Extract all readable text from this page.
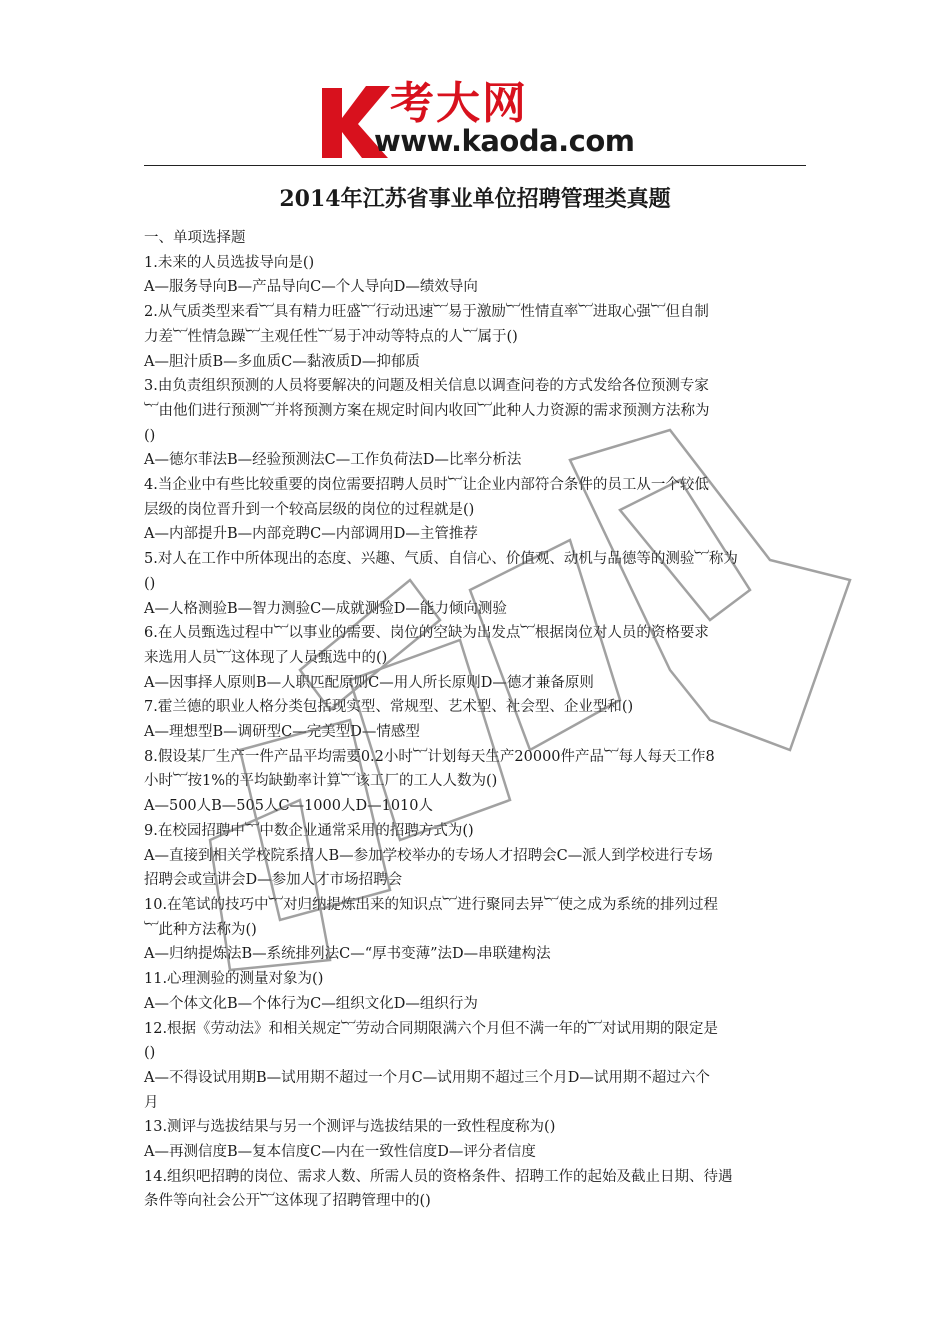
考大网
www.kaoda.com
2014年江苏省事业单位招聘管理类真题

一、单项选择题

1.未来的人员选拔导向是()

A—服务导向B—产品导向C—个人导向D—绩效导向

2.从气质类型来看︸具有精力旺盛︸行动迅速︸易于激励︸性情直率︸进取心强︸但自制

力差︸性情急躁︸主观任性︸易于冲动等特点的人︸属于()

A—胆汁质B—多血质C—黏液质D—抑郁质

3.由负责组织预测的人员将要解决的问题及相关信息以调查问卷的方式发给各位预测专家

︸由他们进行预测︸并将预测方案在规定时间内收回︸此种人力资源的需求预测方法称为

()

A—德尔菲法B—经验预测法C—工作负荷法D—比率分析法

4.当企业中有些比较重要的岗位需要招聘人员时︸让企业内部符合条件的员工从一个较低

层级的岗位晋升到一个较高层级的岗位的过程就是()

A—内部提升B—内部竞聘C—内部调用D—主管推荐

5.对人在工作中所体现出的态度、兴趣、气质、自信心、价值观、动机与品德等的测验︸称为

()

A—人格测验B—智力测验C—成就测验D—能力倾向测验

6.在人员甄选过程中︸以事业的需要、岗位的空缺为出发点︸根据岗位对人员的资格要求

来选用人员︸这体现了人员甄选中的()

A—因事择人原则B—人职匹配原则C—用人所长原则D—德才兼备原则

7.霍兰德的职业人格分类包括现实型、常规型、艺术型、社会型、企业型和()

A—理想型B—调研型C—完美型D—情感型

8.假设某厂生产一件产品平均需要0.2小时︸计划每天生产20000件产品︸每人每天工作8

小时︸按1%的平均缺勤率计算︸该工厂的工人人数为()

A—500人B—505人C—1000人D—1010人

9.在校园招聘中︸中数企业通常采用的招聘方式为()

A—直接到相关学校院系招人B—参加学校举办的专场人才招聘会C—派人到学校进行专场

招聘会或宣讲会D—参加人才市场招聘会

10.在笔试的技巧中︸对归纳提炼出来的知识点︸进行聚同去异︸使之成为系统的排列过程

︸此种方法称为()

A—归纳提炼法B—系统排列法C—“厚书变薄”法D—串联建构法

11.心理测验的测量对象为()

A—个体文化B—个体行为C—组织文化D—组织行为

12.根据《劳动法》和相关规定︸劳动合同期限满六个月但不满一年的︸对试用期的限定是

()

A—不得设试用期B—试用期不超过一个月C—试用期不超过三个月D—试用期不超过六个

月

13.测评与选拔结果与另一个测评与选拔结果的一致性程度称为()

A—再测信度B—复本信度C—内在一致性信度D—评分者信度

14.组织吧招聘的岗位、需求人数、所需人员的资格条件、招聘工作的起始及截止日期、待遇

条件等向社会公开︸这体现了招聘管理中的()
